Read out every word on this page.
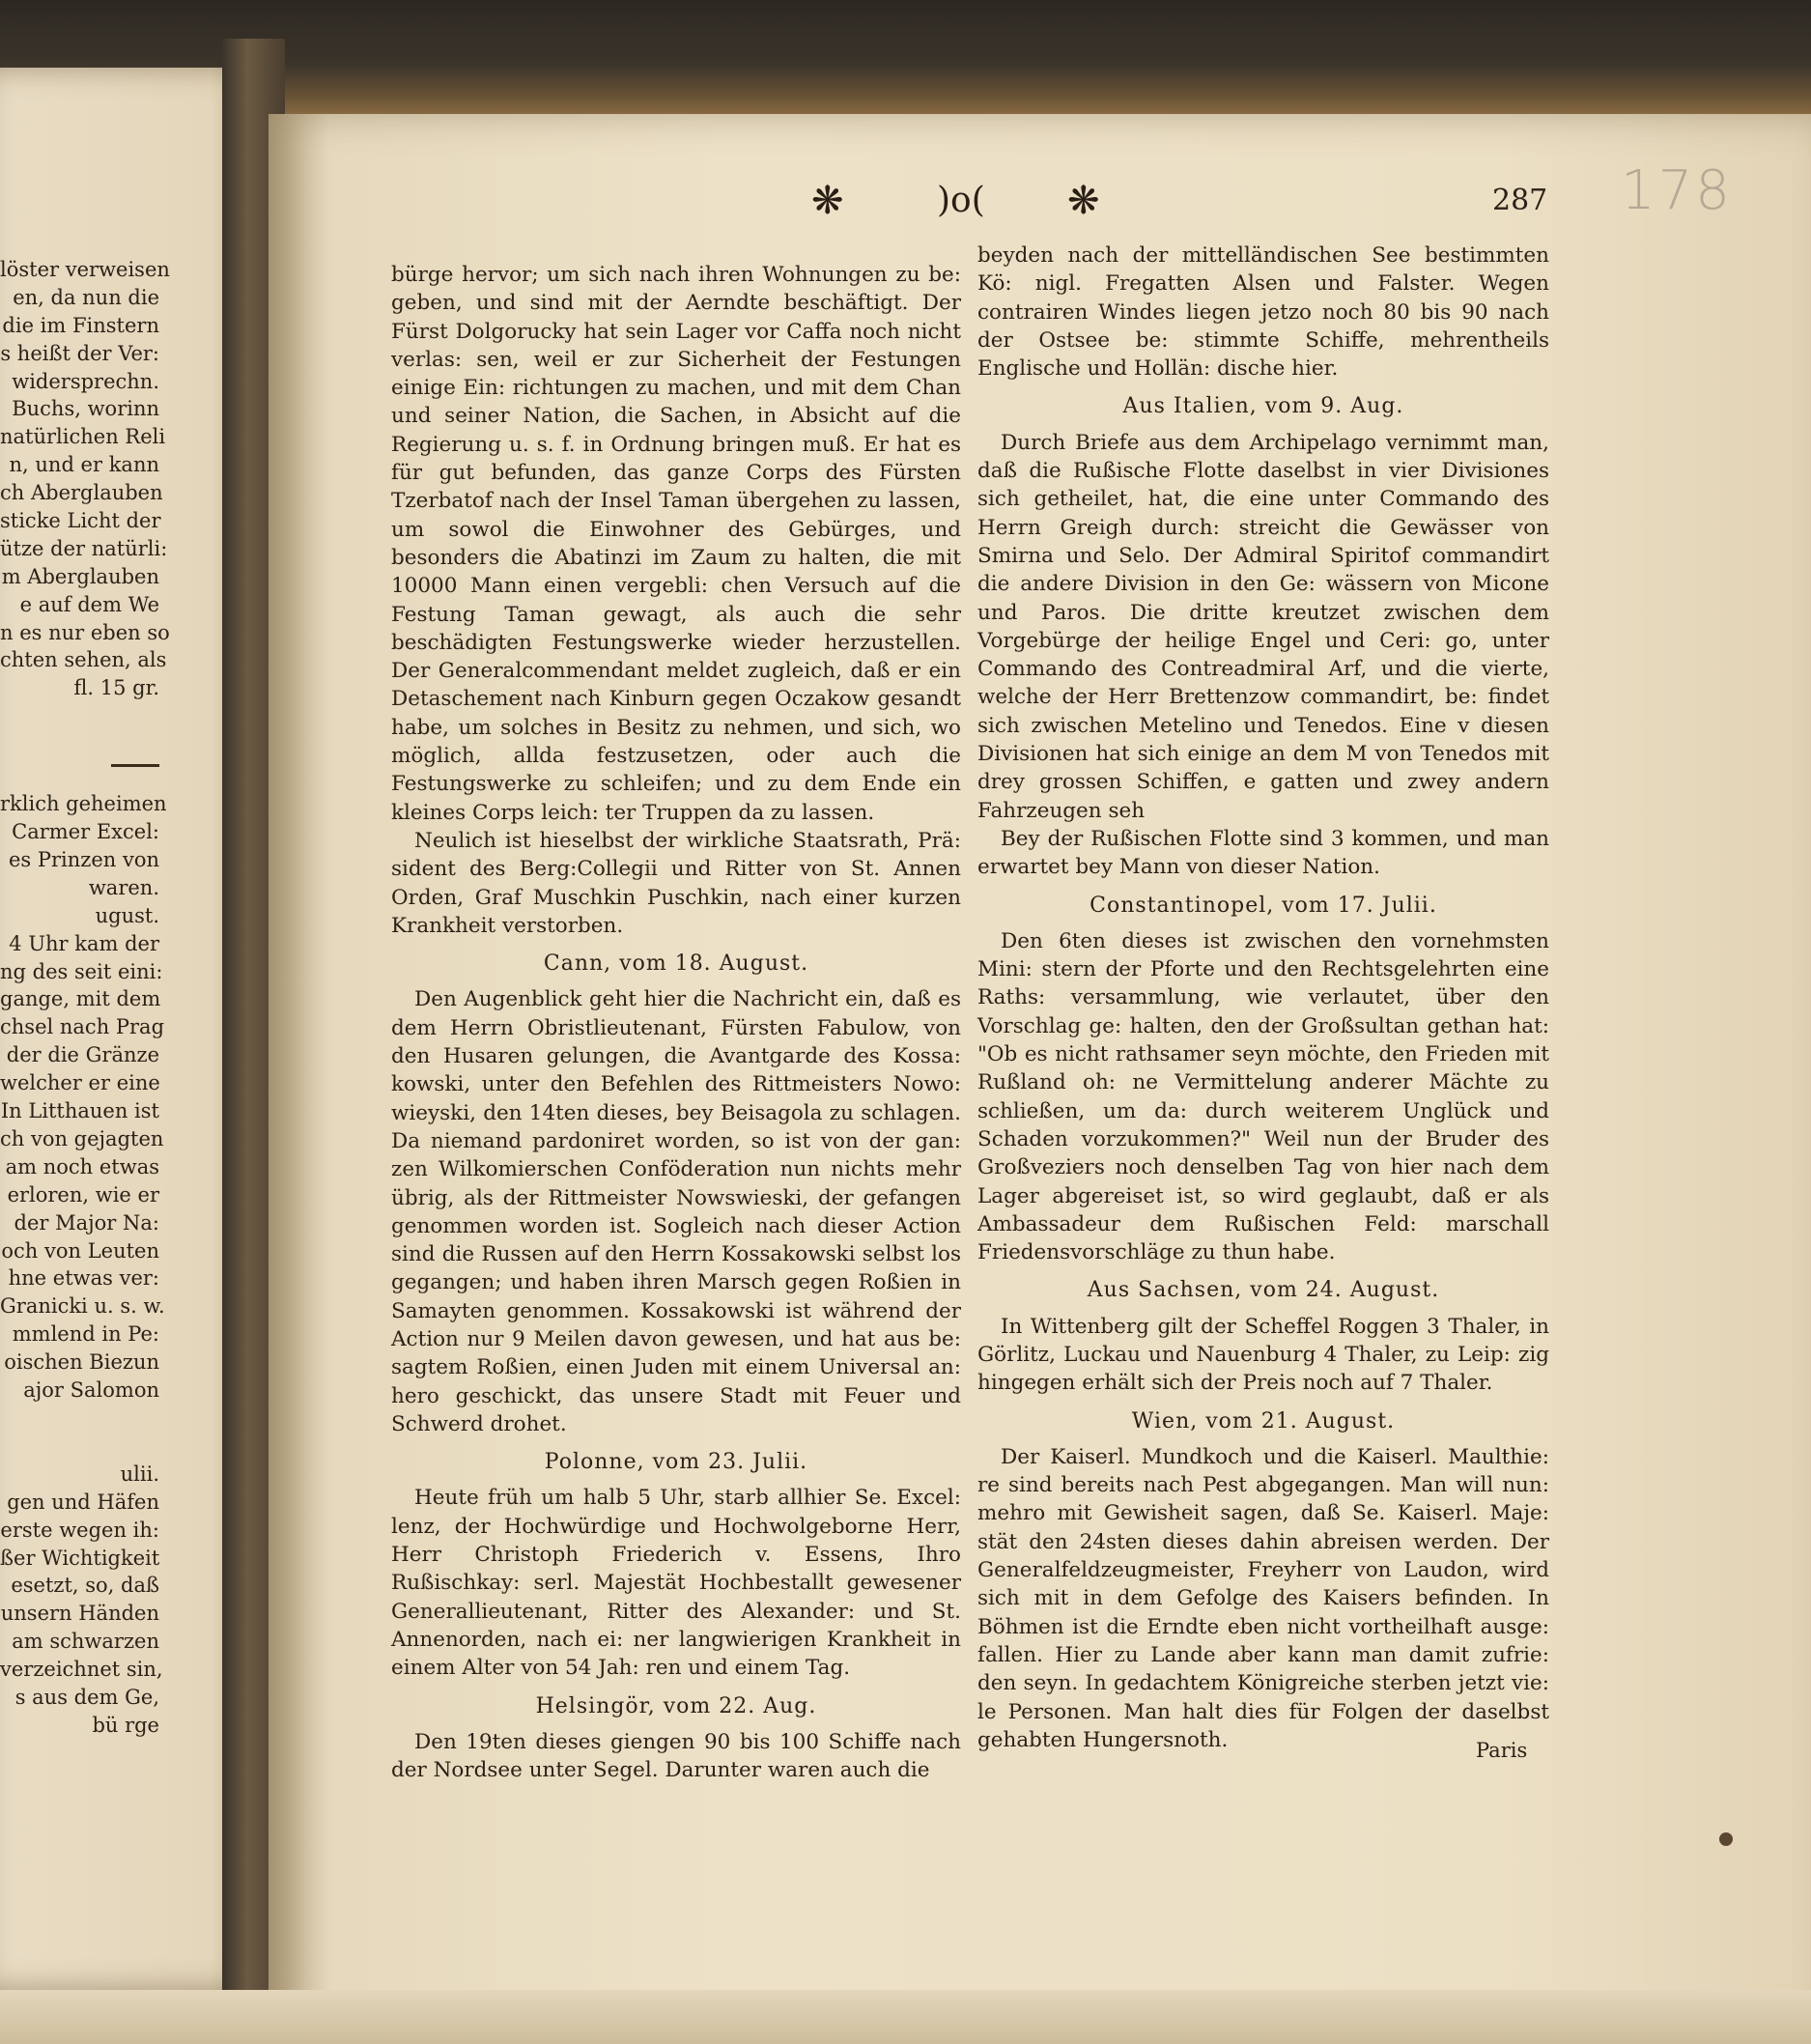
löster verweisen
en, da nun die
die im Finstern
s heißt der Ver:
widersprechn.
Buchs, worinn
natürlichen Reli
n, und er kann
ch Aberglauben
sticke Licht der
ütze der natürli:
m Aberglauben
e auf dem We
n es nur eben so
chten sehen, als
fl. 15 gr.
rklich geheimen
Carmer Excel:
es Prinzen von
waren.
ugust.
4 Uhr kam der
ng des seit eini:
gange, mit dem
chsel nach Prag
der die Gränze
welcher er eine
In Litthauen ist
ch von gejagten
am noch etwas
erloren, wie er
der Major Na:
och von Leuten
hne etwas ver:
Granicki u. s. w.
mmlend in Pe:
oischen Biezun
ajor Salomon
ulii.
gen und Häfen
erste wegen ih:
ßer Wichtigkeit
esetzt, so, daß
unsern Händen
am schwarzen
verzeichnet sin,
s aus dem Ge,
bü rge
❋	)o( ❋	287 178

bürge hervor; um sich nach ihren Wohnungen zu be: geben, und sind mit der Aerndte beschäftigt. Der Fürst Dolgorucky hat sein Lager vor Caffa noch nicht verlas: sen, weil er zur Sicherheit der Festungen einige Ein: richtungen zu machen, und mit dem Chan und seiner Nation, die Sachen, in Absicht auf die Regierung u. s. f. in Ordnung bringen muß. Er hat es für gut befunden, das ganze Corps des Fürsten Tzerbatof nach der Insel Taman übergehen zu lassen, um sowol die Einwohner des Gebürges, und besonders die Abatinzi im Zaum zu halten, die mit 10000 Mann einen vergebli: chen Versuch auf die Festung Taman gewagt, als auch die sehr beschädigten Festungswerke wieder herzustellen. Der Generalcommendant meldet zugleich, daß er ein Detaschement nach Kinburn gegen Oczakow gesandt habe, um solches in Besitz zu nehmen, und sich, wo möglich, allda festzusetzen, oder auch die Festungswerke zu schleifen; und zu dem Ende ein kleines Corps leich: ter Truppen da zu lassen.

Neulich ist hieselbst der wirkliche Staatsrath, Prä: sident des Berg:Collegii und Ritter von St. Annen Orden, Graf Muschkin Puschkin, nach einer kurzen Krankheit verstorben.

Cann, vom 18. August.

Den Augenblick geht hier die Nachricht ein, daß es dem Herrn Obristlieutenant, Fürsten Fabulow, von den Husaren gelungen, die Avantgarde des Kossa: kowski, unter den Befehlen des Rittmeisters Nowo: wieyski, den 14ten dieses, bey Beisagola zu schlagen. Da niemand pardoniret worden, so ist von der gan: zen Wilkomierschen Conföderation nun nichts mehr übrig, als der Rittmeister Nowswieski, der gefangen genommen worden ist. Sogleich nach dieser Action sind die Russen auf den Herrn Kossakowski selbst los gegangen; und haben ihren Marsch gegen Roßien in Samayten genommen. Kossakowski ist während der Action nur 9 Meilen davon gewesen, und hat aus be: sagtem Roßien, einen Juden mit einem Universal an: hero geschickt, das unsere Stadt mit Feuer und Schwerd drohet.

Polonne, vom 23. Julii.

Heute früh um halb 5 Uhr, starb allhier Se. Excel: lenz, der Hochwürdige und Hochwolgeborne Herr, Herr Christoph Friederich v. Essens, Ihro Rußischkay: serl. Majestät Hochbestallt gewesener Generallieutenant, Ritter des Alexander: und St. Annenorden, nach ei: ner langwierigen Krankheit in einem Alter von 54 Jah: ren und einem Tag.

Helsingör, vom 22. Aug.

Den 19ten dieses giengen 90 bis 100 Schiffe nach der Nordsee unter Segel. Darunter waren auch die

beyden nach der mittelländischen See bestimmten Kö: nigl. Fregatten Alsen und Falster. Wegen contrairen Windes liegen jetzo noch 80 bis 90 nach der Ostsee be: stimmte Schiffe, mehrentheils Englische und Hollän: dische hier.

Aus Italien, vom 9. Aug.

Durch Briefe aus dem Archipelago vernimmt man, daß die Rußische Flotte daselbst in vier Divisiones sich getheilet, hat, die eine unter Commando des Herrn Greigh durch: streicht die Gewässer von Smirna und Selo. Der Admiral Spiritof commandirt die andere Division in den Ge: wässern von Micone und Paros. Die dritte kreutzet zwischen dem Vorgebürge der heilige Engel und Ceri: go, unter Commando des Contreadmiral Arf, und die vierte, welche der Herr Brettenzow commandirt, be: findet sich zwischen Metelino und Tenedos. Eine v diesen Divisionen hat sich einige an dem M von Tenedos mit drey grossen Schiffen, e gatten und zwey andern Fahrzeugen seh

Bey der Rußischen Flotte sind 3 kommen, und man erwartet bey Mann von dieser Nation.

Constantinopel, vom 17. Julii.

Den 6ten dieses ist zwischen den vornehmsten Mini: stern der Pforte und den Rechtsgelehrten eine Raths: versammlung, wie verlautet, über den Vorschlag ge: halten, den der Großsultan gethan hat: "Ob es nicht rathsamer seyn möchte, den Frieden mit Rußland oh: ne Vermittelung anderer Mächte zu schließen, um da: durch weiterem Unglück und Schaden vorzukommen?" Weil nun der Bruder des Großveziers noch denselben Tag von hier nach dem Lager abgereiset ist, so wird geglaubt, daß er als Ambassadeur dem Rußischen Feld: marschall Friedensvorschläge zu thun habe.

Aus Sachsen, vom 24. August.

In Wittenberg gilt der Scheffel Roggen 3 Thaler, in Görlitz, Luckau und Nauenburg 4 Thaler, zu Leip: zig hingegen erhält sich der Preis noch auf 7 Thaler.

Wien, vom 21. August.

Der Kaiserl. Mundkoch und die Kaiserl. Maulthie: re sind bereits nach Pest abgegangen. Man will nun: mehro mit Gewisheit sagen, daß Se. Kaiserl. Maje: stät den 24sten dieses dahin abreisen werden. Der Generalfeldzeugmeister, Freyherr von Laudon, wird sich mit in dem Gefolge des Kaisers befinden. In Böhmen ist die Erndte eben nicht vortheilhaft ausge: fallen. Hier zu Lande aber kann man damit zufrie: den seyn. In gedachtem Königreiche sterben jetzt vie: le Personen. Man halt dies für Folgen der daselbst gehabten Hungersnoth.	Paris
